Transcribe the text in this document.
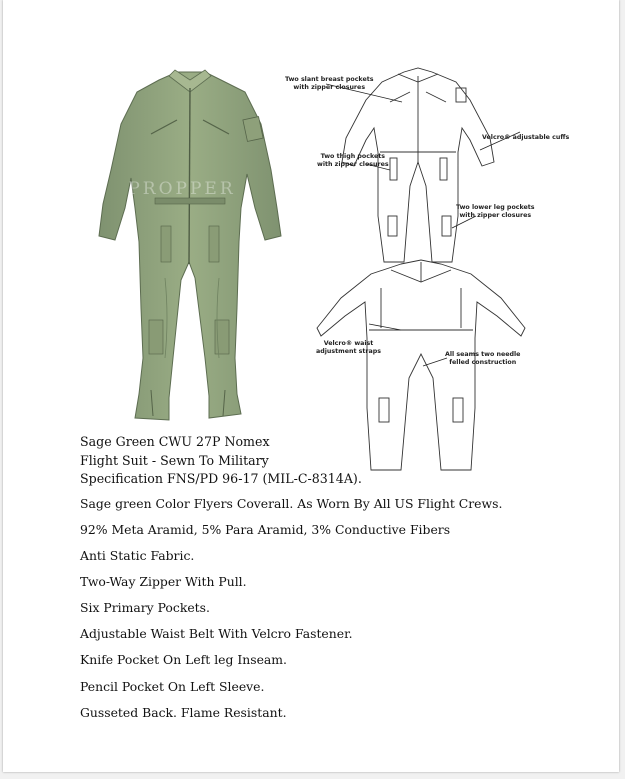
PROPPER
Two slant breast pockets
with zipper closures
Velcro® adjustable cuffs
Two thigh pockets
with zipper closures
Two lower leg pockets
with zipper closures
Velcro® waist
adjustment straps	All seams two needle
felled construction
Sage Green CWU 27P Nomex
Flight Suit - Sewn To Military
Specification FNS/PD 96-17 (MIL-C-8314A).
Sage green Color Flyers Coverall. As Worn By All US Flight Crews.
92% Meta Aramid, 5% Para Aramid, 3% Conductive Fibers
Anti Static Fabric.
Two-Way Zipper With Pull.
Six Primary Pockets.
Adjustable Waist Belt With Velcro Fastener.
Knife Pocket On Left leg Inseam.
Pencil Pocket On Left Sleeve.
Gusseted Back. Flame Resistant.
